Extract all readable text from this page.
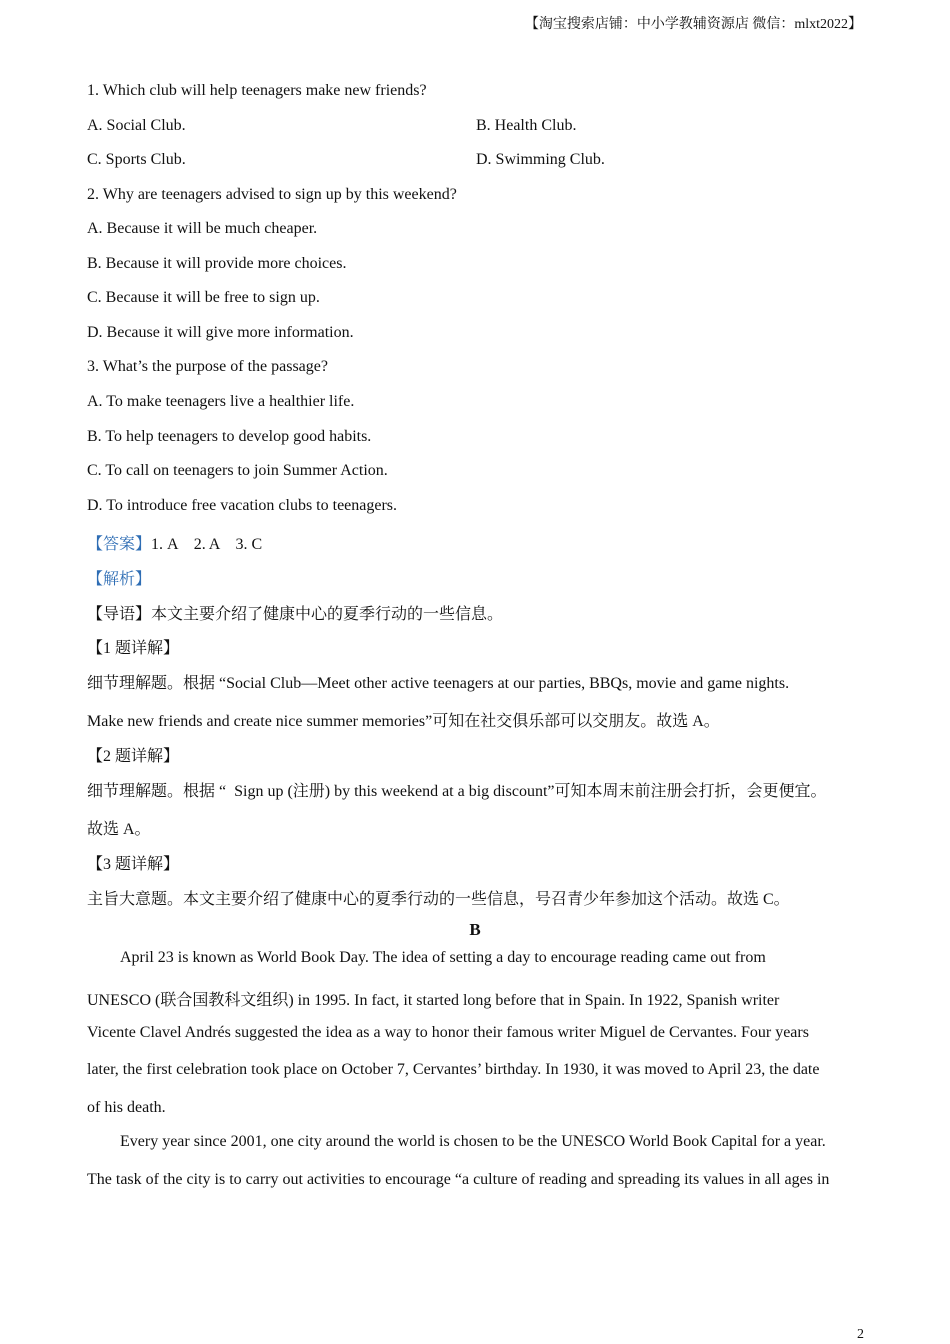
【淘宝搜索店铺：中小学教辅资源店 微信：mlxt2022】
1. Which club will help teenagers make new friends?
A. Social Club.	B. Health Club.
C. Sports Club.	D. Swimming Club.
2. Why are teenagers advised to sign up by this weekend?
A. Because it will be much cheaper.
B. Because it will provide more choices.
C. Because it will be free to sign up.
D. Because it will give more information.
3. What’s the purpose of the passage?
A. To make teenagers live a healthier life.
B. To help teenagers to develop good habits.
C. To call on teenagers to join Summer Action.
D. To introduce free vacation clubs to teenagers.
【答案】1. A    2. A    3. C
【解析】
【导语】本文主要介绍了健康中心的夏季行动的一些信息。
【1 题详解】
细节理解题。根据 “Social Club—Meet other active teenagers at our parties, BBQs, movie and game nights.
Make new friends and create nice summer memories”可知在社交俱乐部可以交朋友。故选 A。
【2 题详解】
细节理解题。根据 “  Sign up (注册) by this weekend at a big discount”可知本周末前注册会打折，会更便宜。
故选 A。
【3 题详解】
主旨大意题。本文主要介绍了健康中心的夏季行动的一些信息，号召青少年参加这个活动。故选 C。
B
April 23 is known as World Book Day. The idea of setting a day to encourage reading came out from
UNESCO (联合国教科文组织) in 1995. In fact, it started long before that in Spain. In 1922, Spanish writer
Vicente Clavel Andrés suggested the idea as a way to honor their famous writer Miguel de Cervantes. Four years
later, the first celebration took place on October 7, Cervantes’ birthday. In 1930, it was moved to April 23, the date
of his death.
Every year since 2001, one city around the world is chosen to be the UNESCO World Book Capital for a year.
The task of the city is to carry out activities to encourage “a culture of reading and spreading its values in all ages in
2
